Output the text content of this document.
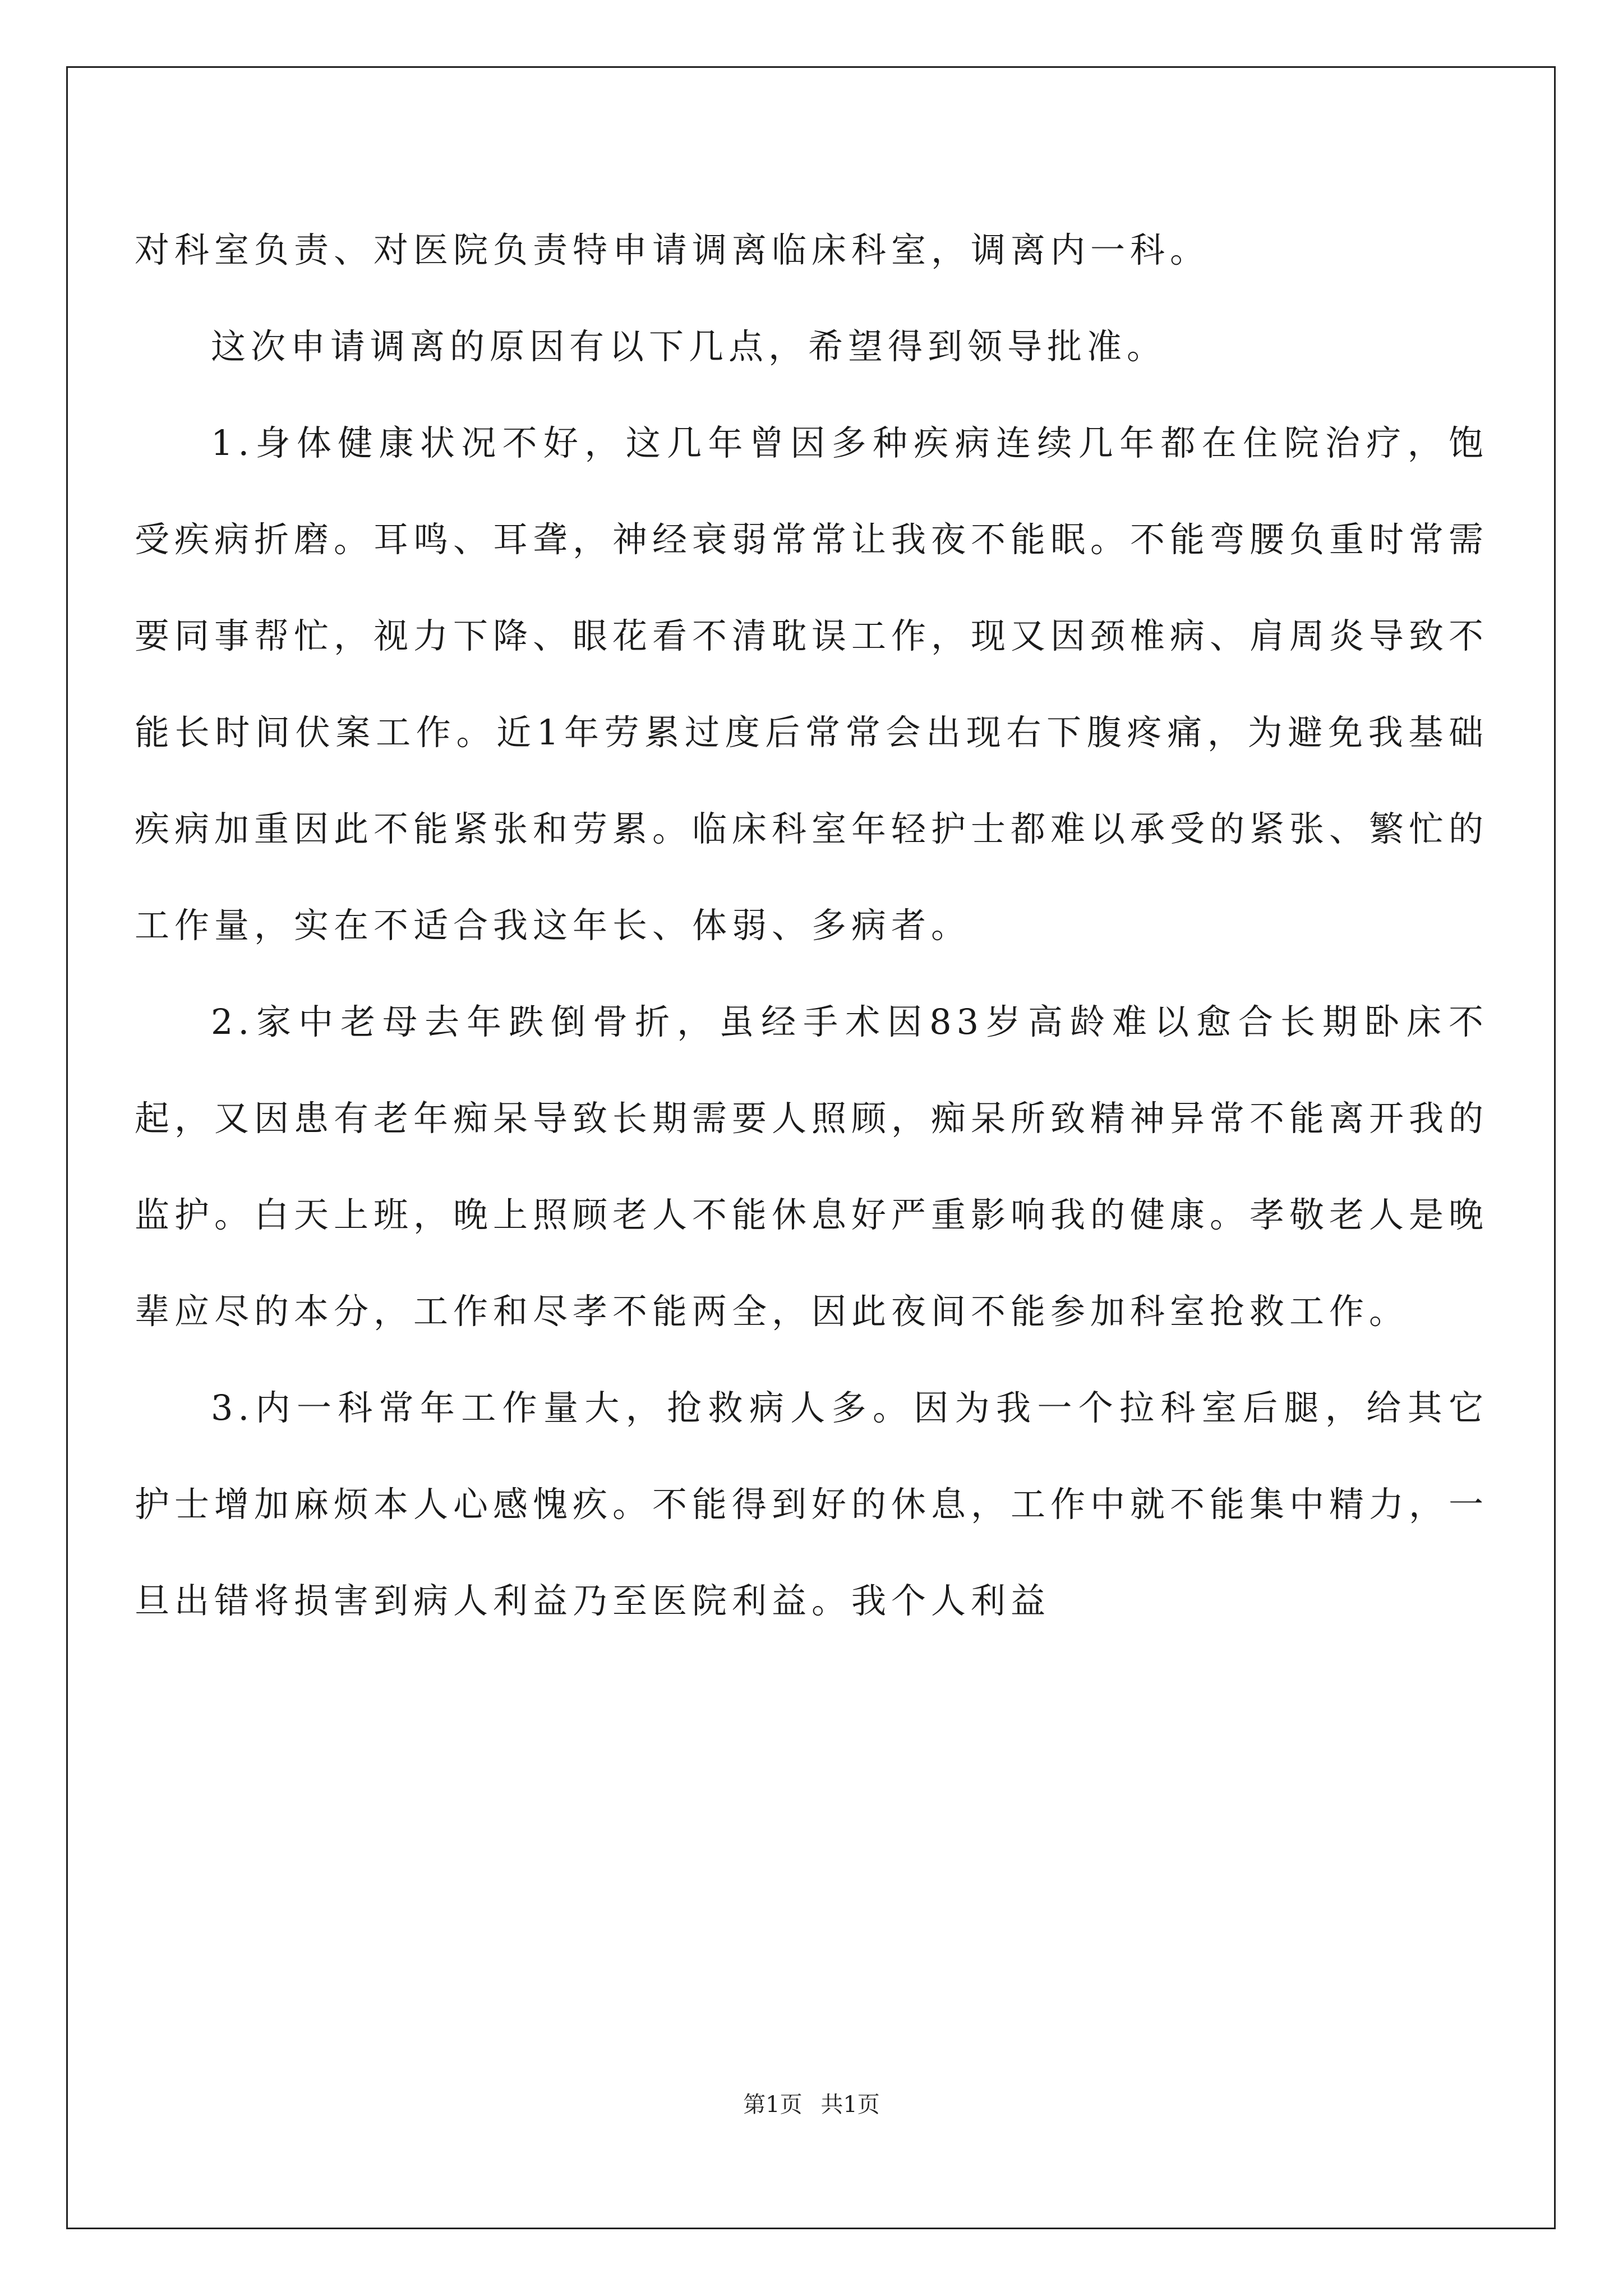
对科室负责、对医院负责特申请调离临床科室，调离内一科。

这次申请调离的原因有以下几点，希望得到领导批准。

1.身体健康状况不好，这几年曾因多种疾病连续几年都在住院治疗，饱受疾病折磨。耳鸣、耳聋，神经衰弱常常让我夜不能眠。不能弯腰负重时常需要同事帮忙，视力下降、眼花看不清耽误工作，现又因颈椎病、肩周炎导致不能长时间伏案工作。近1年劳累过度后常常会出现右下腹疼痛，为避免我基础疾病加重因此不能紧张和劳累。临床科室年轻护士都难以承受的紧张、繁忙的工作量，实在不适合我这年长、体弱、多病者。

2.家中老母去年跌倒骨折，虽经手术因83岁高龄难以愈合长期卧床不起，又因患有老年痴呆导致长期需要人照顾，痴呆所致精神异常不能离开我的监护。白天上班，晚上照顾老人不能休息好严重影响我的健康。孝敬老人是晚辈应尽的本分，工作和尽孝不能两全，因此夜间不能参加科室抢救工作。

3.内一科常年工作量大，抢救病人多。因为我一个拉科室后腿，给其它护士增加麻烦本人心感愧疚。不能得到好的休息，工作中就不能集中精力，一旦出错将损害到病人利益乃至医院利益。我个人利益

第1页 共1页
